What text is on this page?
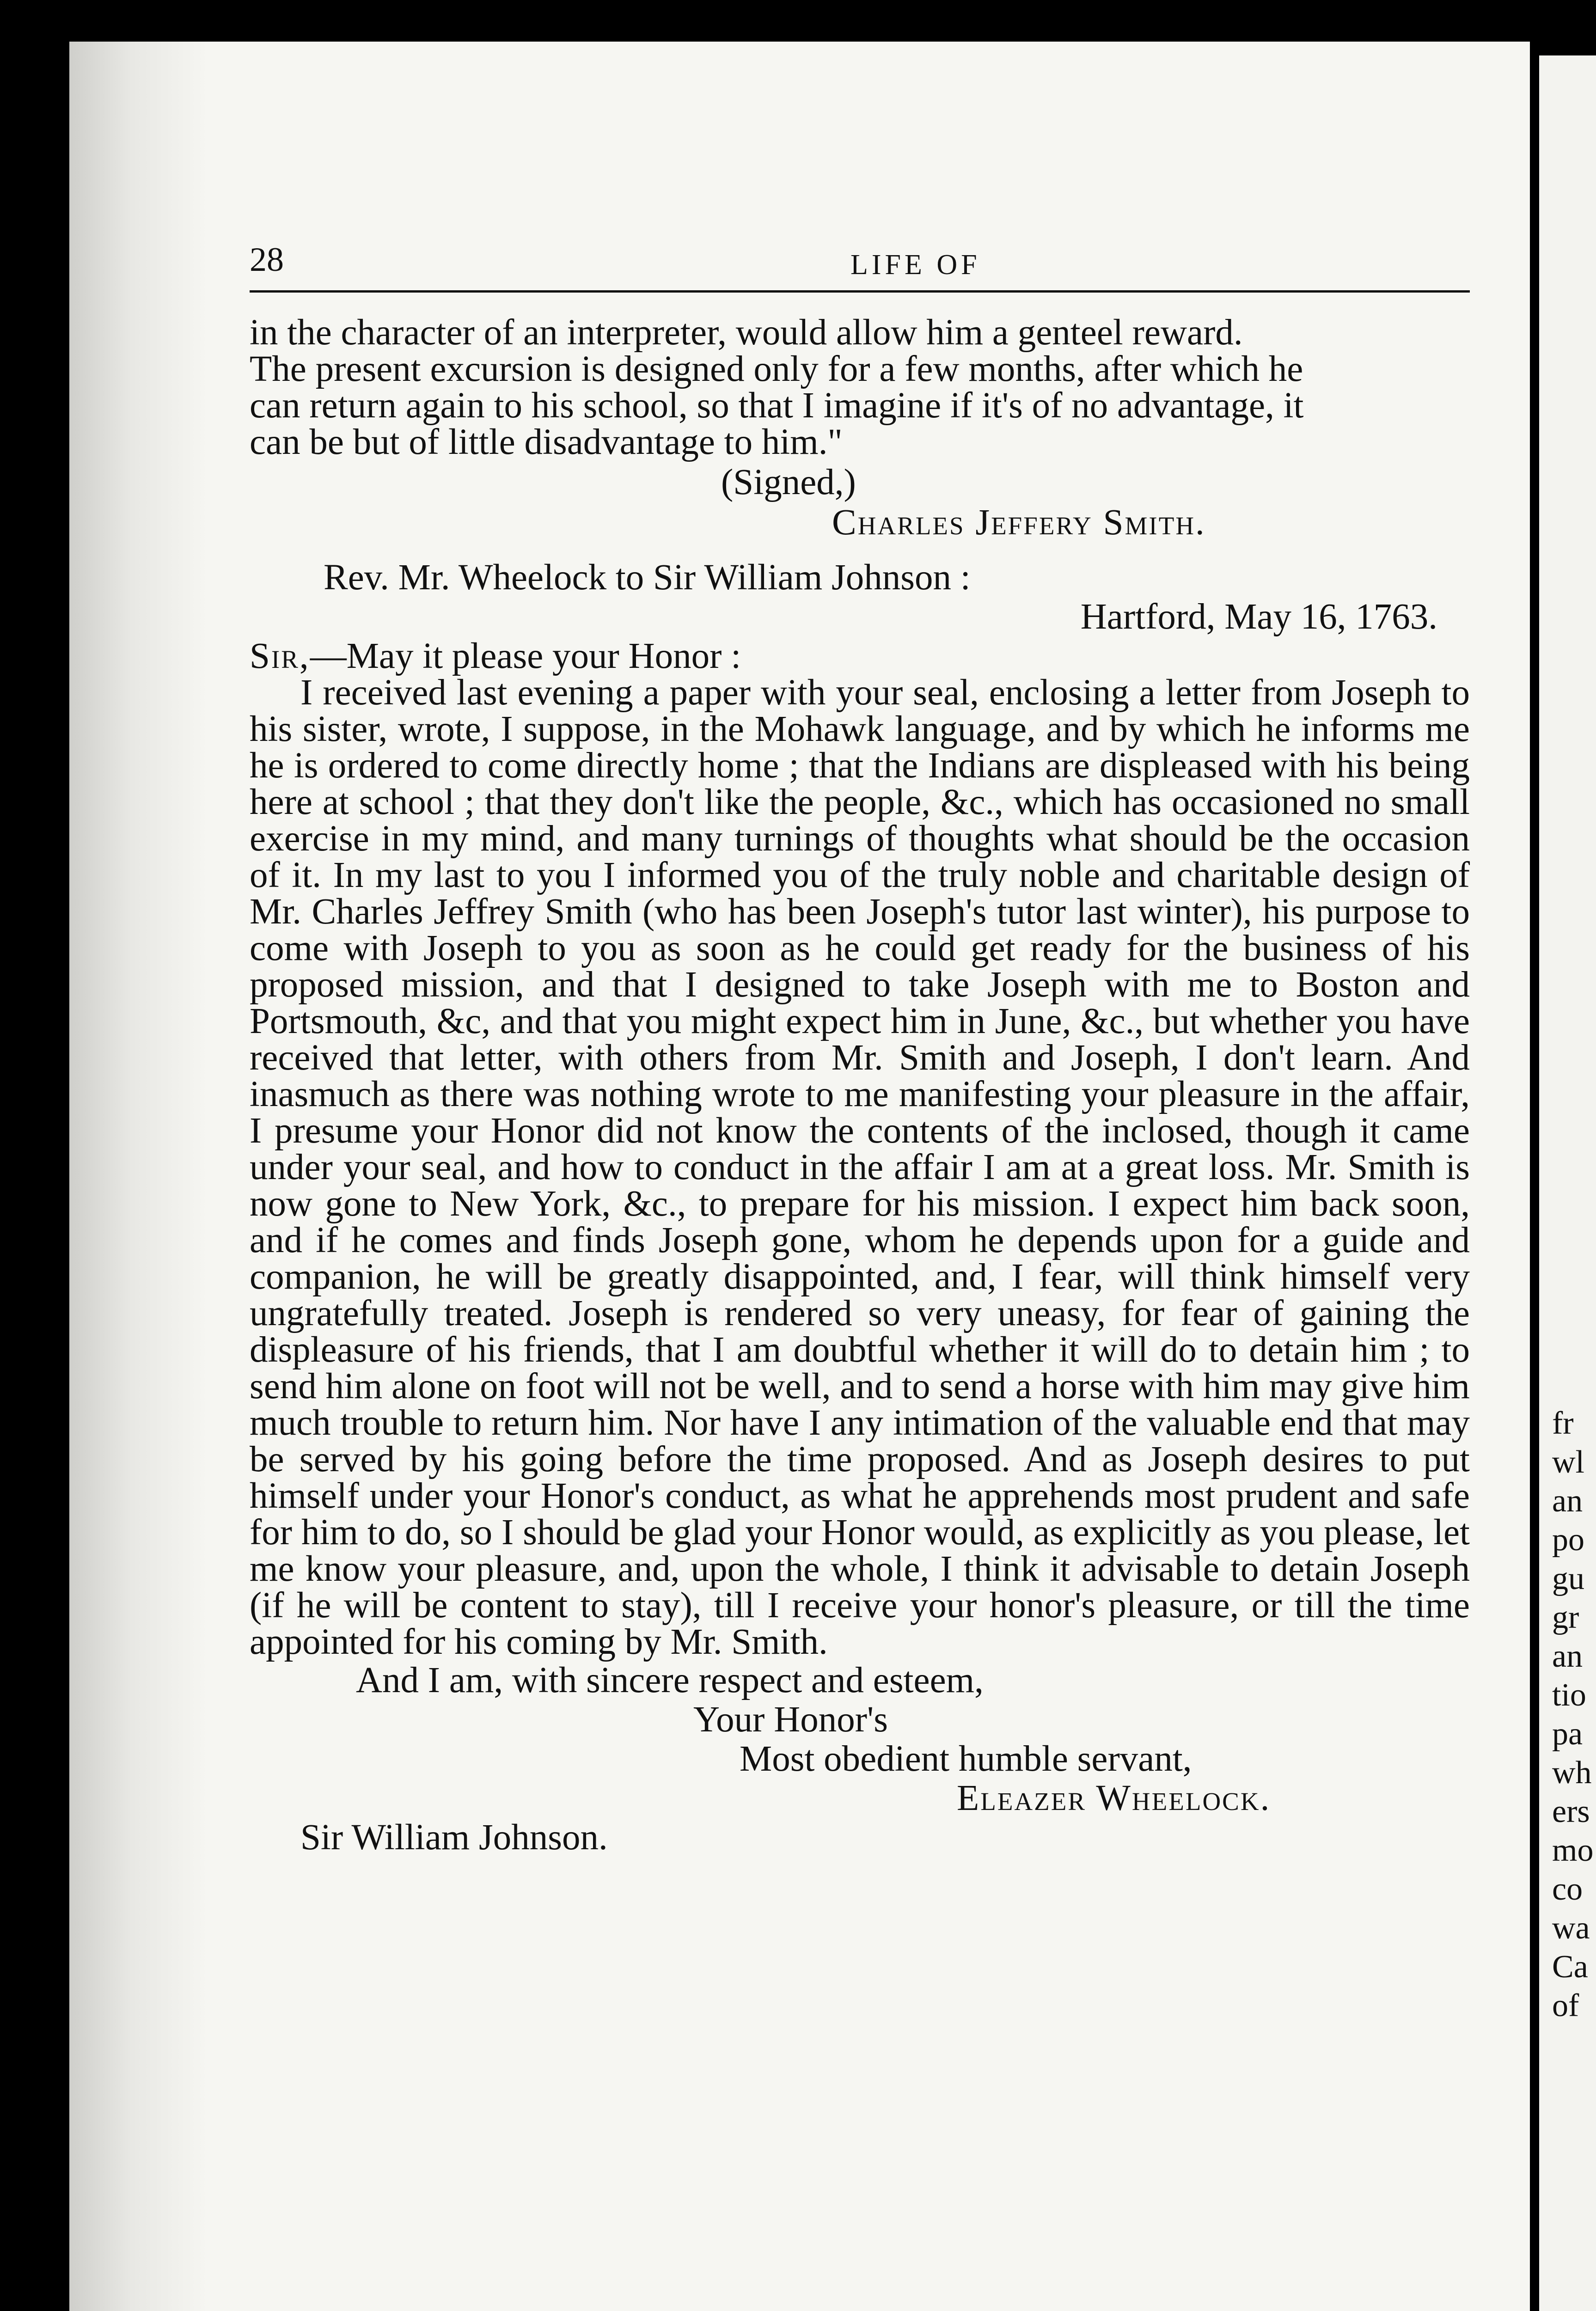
fr
wl
an
po
gu
gr
an
tio
pa
wh
ers
mo
co
wa
Ca
of
28	LIFE OF

in the character of an interpreter, would allow him a genteel reward.
The present excursion is designed only for a few months, after which he
can return again to his school, so that I imagine if it's of no advantage, it
can be but of little disadvantage to him."

(Signed,)

Charles Jeffery Smith.

Rev. Mr. Wheelock to Sir William Johnson :

Hartford, May 16, 1763.

Sir,—May it please your Honor :

I received last evening a paper with your seal, enclosing a letter from Joseph to his sister, wrote, I suppose, in the Mohawk language, and by which he informs me he is ordered to come directly home ; that the Indians are displeased with his being here at school ; that they don't like the people, &c., which has occasioned no small exercise in my mind, and many turnings of thoughts what should be the occasion of it. In my last to you I informed you of the truly noble and charitable design of Mr. Charles Jeffrey Smith (who has been Joseph's tutor last winter), his purpose to come with Joseph to you as soon as he could get ready for the business of his proposed mission, and that I designed to take Joseph with me to Boston and Portsmouth, &c, and that you might expect him in June, &c., but whether you have received that letter, with others from Mr. Smith and Joseph, I don't learn. And inasmuch as there was nothing wrote to me manifesting your pleasure in the affair, I presume your Honor did not know the contents of the inclosed, though it came under your seal, and how to conduct in the affair I am at a great loss. Mr. Smith is now gone to New York, &c., to prepare for his mission. I expect him back soon, and if he comes and finds Joseph gone, whom he depends upon for a guide and companion, he will be greatly disappointed, and, I fear, will think himself very ungratefully treated. Joseph is rendered so very uneasy, for fear of gaining the displeasure of his friends, that I am doubtful whether it will do to detain him ; to send him alone on foot will not be well, and to send a horse with him may give him much trouble to return him. Nor have I any intimation of the valuable end that may be served by his going before the time proposed. And as Joseph desires to put himself under your Honor's conduct, as what he apprehends most prudent and safe for him to do, so I should be glad your Honor would, as explicitly as you please, let me know your pleasure, and, upon the whole, I think it advisable to detain Joseph (if he will be content to stay), till I receive your honor's pleasure, or till the time appointed for his coming by Mr. Smith.

And I am, with sincere respect and esteem,

Your Honor's

Most obedient humble servant,

Eleazer Wheelock.

Sir William Johnson.
